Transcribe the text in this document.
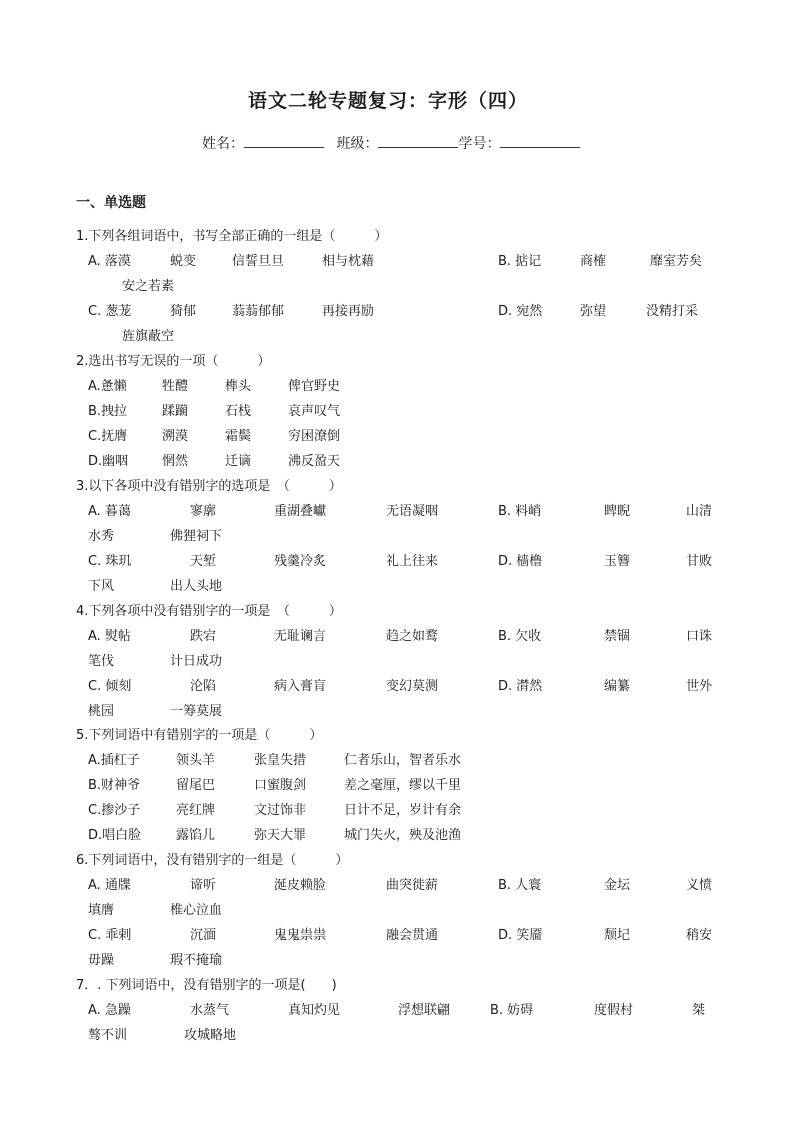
语文二轮专题复习：字形（四）
姓名：	班级：	学号：
一、单选题
1.下列各组词语中，书写全部正确的一组是（　　　）
A. 落漠	蜕变	信誓旦旦	相与枕藉	B. 掂记	商榷	靡室芳矣
安之若素
C. 葱茏	猗郁	蓊蓊郁郁	再接再励	D. 宛然	弥望	没精打采
旌旗蔽空
2.选出书写无误的一项（　　　）
A.惫懒	牲醴	榫头	俾官野史
B.拽拉	蹂躏	石栈	哀声叹气
C.抚膺	溯漠	霜鬓	穷困潦倒
D.幽咽	惘然	迁谪	沸反盈天
3.以下各项中没有错别字的选项是　（　　　）
A. 暮蔼	寥廓	重湖叠巘	无语凝咽	B. 料峭	睥睨	山清
水秀	佛狸祠下
C. 珠玑	天堑	残羹冷炙	礼上往来	D. 樯橹	玉簪	甘败
下风	出人头地
4.下列各项中没有错别字的一项是　（　　　）
A. 熨帖	跌宕	无耻谰言	趋之如鹜	B. 欠收	禁锢	口诛
笔伐	计日成功
C. 倾刻	沦陷	病入膏肓	变幻莫测	D. 潸然	编纂	世外
桃园	一筹莫展
5.下列词语中有错别字的一项是（　　　）
A.插杠子	领头羊	张皇失措	仁者乐山，智者乐水
B.财神爷	留尾巴	口蜜腹剑	差之毫厘，缪以千里
C.掺沙子	亮红牌	文过饰非	日计不足，岁计有余
D.唱白脸	露馅儿	弥天大罪	城门失火，殃及池渔
6.下列词语中，没有错别字的一组是（　　　）
A. 通牒	谛听	涎皮赖脸	曲突徙薪	B. 人寰	金坛	义愤
填膺	椎心泣血
C. 乖剌	沉湎	鬼鬼祟祟	融会贯通	D. 笑靥	颓圮	稍安
毋躁	瑕不掩瑜
7．. 下列词语中，没有错别字的一项是(　　)
A. 急躁	水蒸气	真知灼见	浮想联翩	B. 妨碍	度假村	桀
骜不训	攻城略地
